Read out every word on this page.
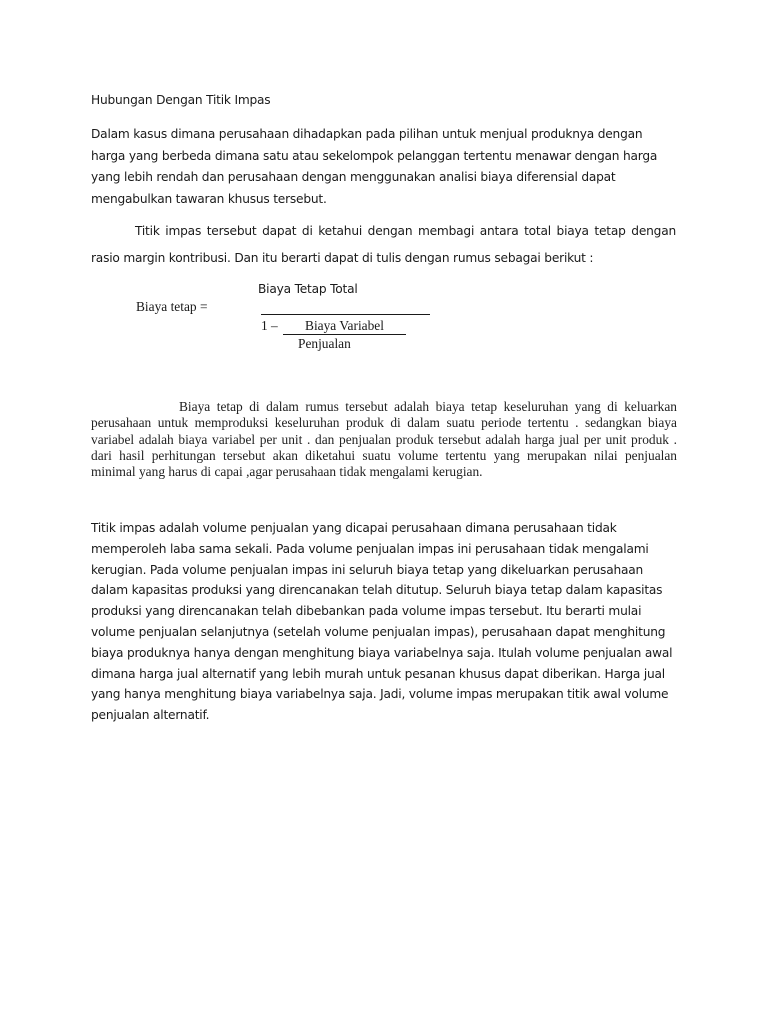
Hubungan Dengan Titik Impas
Dalam kasus dimana perusahaan dihadapkan pada pilihan untuk menjual produknya dengan harga yang berbeda dimana satu atau sekelompok pelanggan tertentu menawar dengan harga yang lebih rendah dan perusahaan dengan menggunakan analisi biaya diferensial dapat mengabulkan tawaran khusus tersebut.
Titik impas tersebut dapat di ketahui dengan membagi antara total biaya tetap dengan rasio margin kontribusi. Dan itu berarti dapat di tulis dengan rumus sebagai berikut :
Biaya tetap =
Biaya Tetap Total
1 –	Biaya Variabel
Penjualan
Biaya tetap di dalam rumus tersebut adalah biaya tetap keseluruhan yang di keluarkan perusahaan untuk memproduksi keseluruhan produk di dalam suatu periode tertentu . sedangkan biaya variabel adalah biaya variabel per unit . dan penjualan produk tersebut adalah harga jual per unit produk . dari hasil perhitungan tersebut akan diketahui suatu volume tertentu yang merupakan nilai penjualan minimal yang harus di capai ,agar perusahaan tidak mengalami kerugian.
Titik impas adalah volume penjualan yang dicapai perusahaan dimana perusahaan tidak memperoleh laba sama sekali. Pada volume penjualan impas ini perusahaan tidak mengalami kerugian. Pada volume penjualan impas ini seluruh biaya tetap yang dikeluarkan perusahaan dalam kapasitas produksi yang direncanakan telah ditutup. Seluruh biaya tetap dalam kapasitas produksi yang direncanakan telah dibebankan pada volume impas tersebut. Itu berarti mulai volume penjualan selanjutnya (setelah volume penjualan impas), perusahaan dapat menghitung biaya produknya hanya dengan menghitung biaya variabelnya saja. Itulah volume penjualan awal dimana harga jual alternatif yang lebih murah untuk pesanan khusus dapat diberikan. Harga jual yang hanya menghitung biaya variabelnya saja. Jadi, volume impas merupakan titik awal volume penjualan alternatif.
